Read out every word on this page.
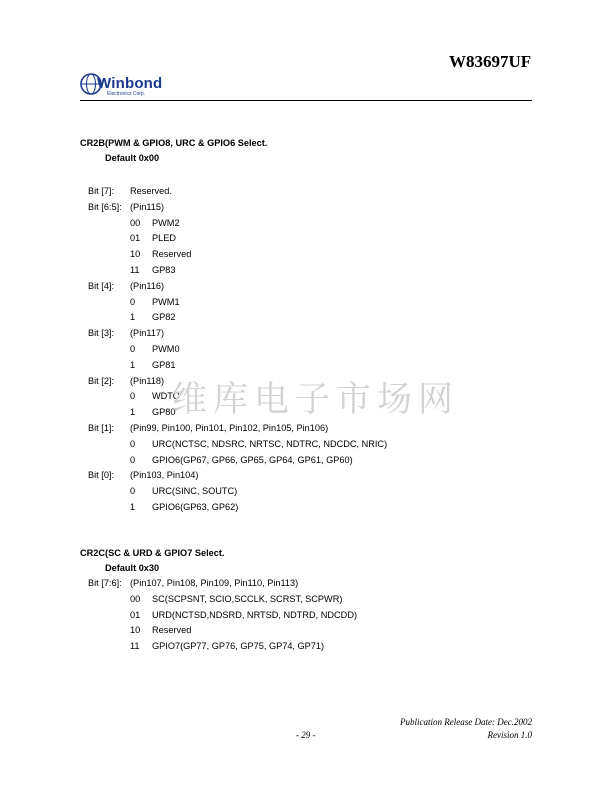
W83697UF
Winbond
Electronics Corp.
CR2B(PWM & GPIO8, URC & GPIO6 Select.
Default 0x00
Bit [7]: Reserved.
Bit [6:5]: (Pin115)
00 PWM2
01 PLED
10 Reserved
11 GP83
Bit [4]: (Pin116)
0 PWM1
1 GP82
Bit [3]: (Pin117)
0 PWM0
1 GP81
Bit [2]: (Pin118)
0 WDTO
1 GP80
Bit [1]: (Pin99, Pin100, Pin101, Pin102, Pin105, Pin106)
0 URC(NCTSC, NDSRC, NRTSC, NDTRC, NDCDC, NRIC)
0 GPIO6(GP67, GP66, GP65, GP64, GP61, GP60)
Bit [0]: (Pin103, Pin104)
0 URC(SINC, SOUTC)
1 GPIO6(GP63, GP62)
CR2C(SC & URD & GPIO7 Select.
Default 0x30
Bit [7:6]: (Pin107, Pin108, Pin109, Pin110, Pin113)
00 SC(SCPSNT, SCIO,SCCLK, SCRST, SCPWR)
01 URD(NCTSD,NDSRD, NRTSD, NDTRD, NDCDD)
10 Reserved
11 GPIO7(GP77, GP76, GP75, GP74, GP71)
维库电子市场网
Publication Release Date: Dec.2002
- 29 -	Revision 1.0
